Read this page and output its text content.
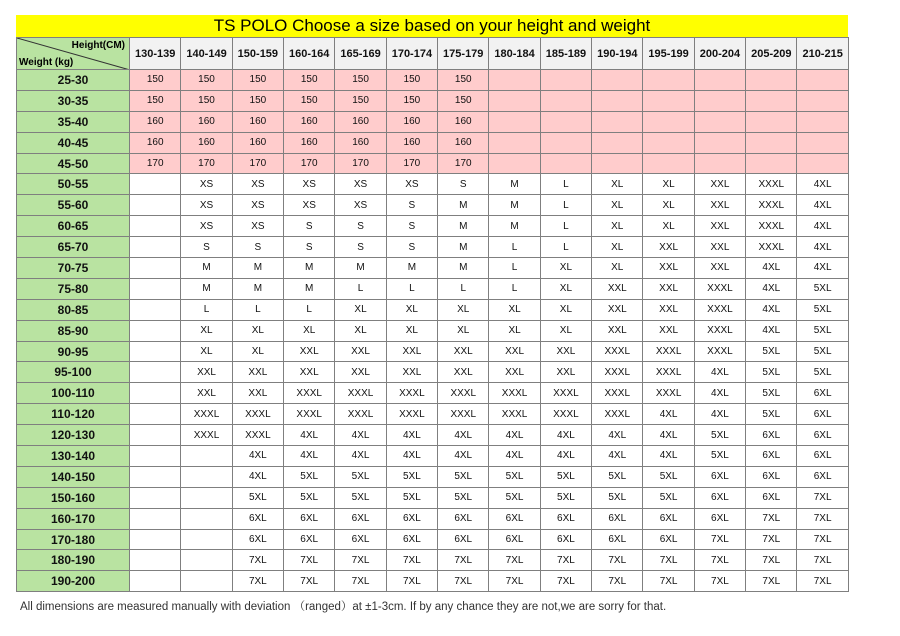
TS POLO Choose a size based on your height and weight
Height(CM)
Weight (kg)	130-139	140-149	150-159	160-164	165-169	170-174	175-179	180-184	185-189	190-194	195-199	200-204	205-209	210-215
25-30	150	150	150	150	150	150	150							
30-35	150	150	150	150	150	150	150							
35-40	160	160	160	160	160	160	160							
40-45	160	160	160	160	160	160	160							
45-50	170	170	170	170	170	170	170							
50-55		XS	XS	XS	XS	XS	S	M	L	XL	XL	XXL	XXXL	4XL
55-60		XS	XS	XS	XS	S	M	M	L	XL	XL	XXL	XXXL	4XL
60-65		XS	XS	S	S	S	M	M	L	XL	XL	XXL	XXXL	4XL
65-70		S	S	S	S	S	M	L	L	XL	XXL	XXL	XXXL	4XL
70-75		M	M	M	M	M	M	L	XL	XL	XXL	XXL	4XL	4XL
75-80		M	M	M	L	L	L	L	XL	XXL	XXL	XXXL	4XL	5XL
80-85		L	L	L	XL	XL	XL	XL	XL	XXL	XXL	XXXL	4XL	5XL
85-90		XL	XL	XL	XL	XL	XL	XL	XL	XXL	XXL	XXXL	4XL	5XL
90-95		XL	XL	XXL	XXL	XXL	XXL	XXL	XXL	XXXL	XXXL	XXXL	5XL	5XL
95-100		XXL	XXL	XXL	XXL	XXL	XXL	XXL	XXL	XXXL	XXXL	4XL	5XL	5XL
100-110		XXL	XXL	XXXL	XXXL	XXXL	XXXL	XXXL	XXXL	XXXL	XXXL	4XL	5XL	6XL
110-120		XXXL	XXXL	XXXL	XXXL	XXXL	XXXL	XXXL	XXXL	XXXL	4XL	4XL	5XL	6XL
120-130		XXXL	XXXL	4XL	4XL	4XL	4XL	4XL	4XL	4XL	4XL	5XL	6XL	6XL
130-140			4XL	4XL	4XL	4XL	4XL	4XL	4XL	4XL	4XL	5XL	6XL	6XL
140-150			4XL	5XL	5XL	5XL	5XL	5XL	5XL	5XL	5XL	6XL	6XL	6XL
150-160			5XL	5XL	5XL	5XL	5XL	5XL	5XL	5XL	5XL	6XL	6XL	7XL
160-170			6XL	6XL	6XL	6XL	6XL	6XL	6XL	6XL	6XL	6XL	7XL	7XL
170-180			6XL	6XL	6XL	6XL	6XL	6XL	6XL	6XL	6XL	7XL	7XL	7XL
180-190			7XL	7XL	7XL	7XL	7XL	7XL	7XL	7XL	7XL	7XL	7XL	7XL
190-200			7XL	7XL	7XL	7XL	7XL	7XL	7XL	7XL	7XL	7XL	7XL	7XL
All dimensions are measured manually with deviation （ranged）at ±1-3cm. If by any chance they are not,we are sorry for that.
